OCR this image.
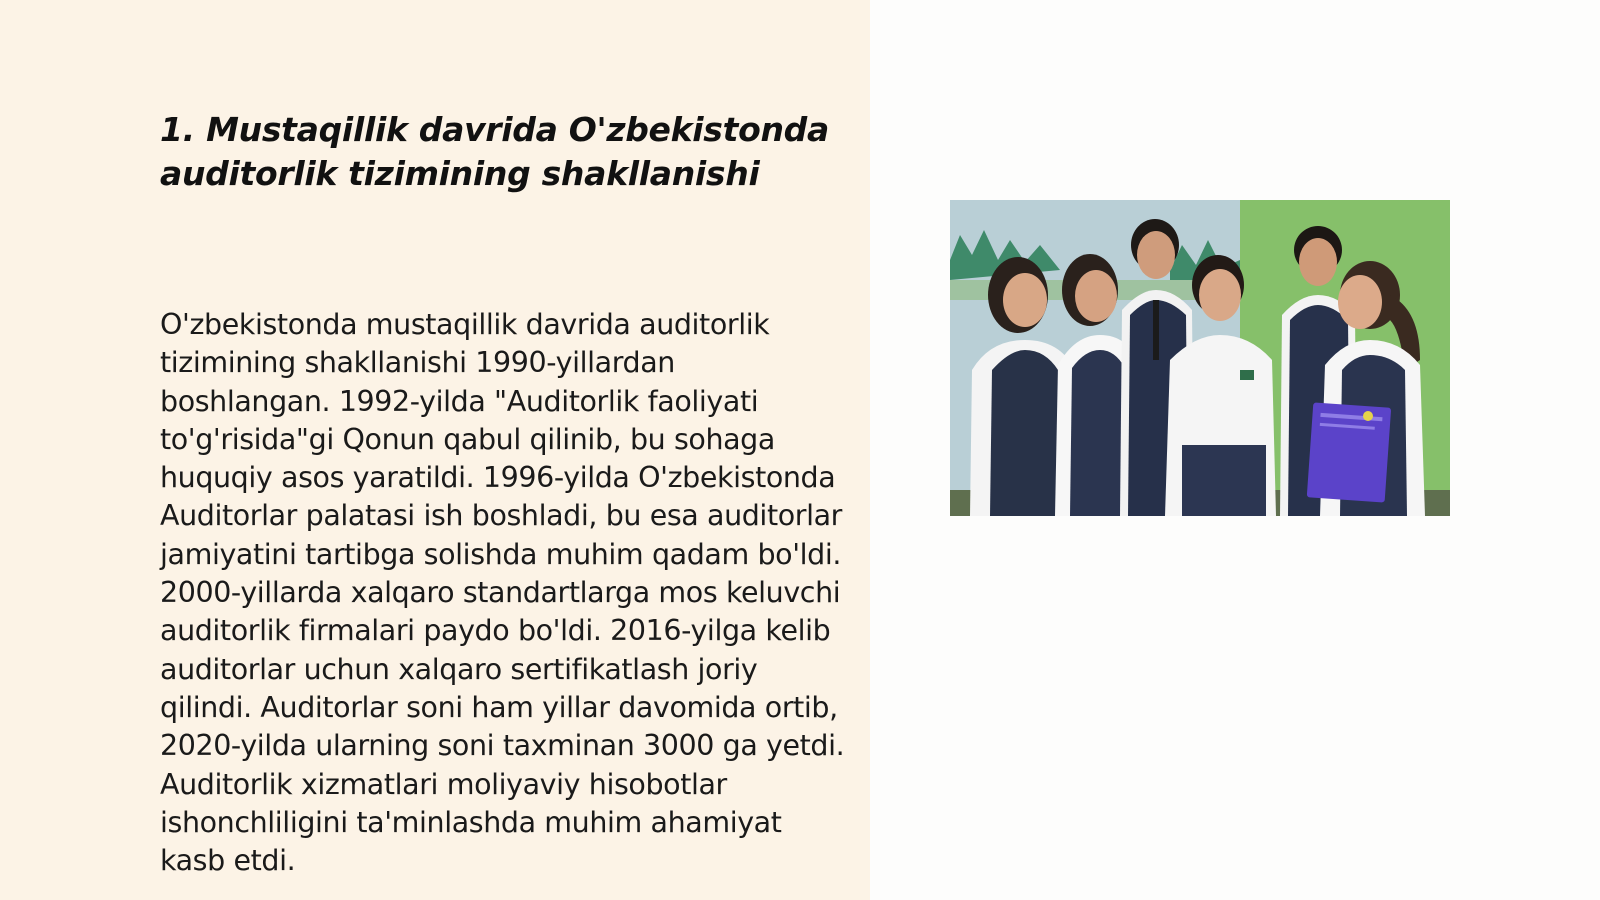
1. Mustaqillik davrida O'zbekistonda auditorlik tizimining shakllanishi

O'zbekistonda mustaqillik davrida auditorlik tizimining shakllanishi 1990-yillardan boshlangan. 1992-yilda "Auditorlik faoliyati to'g'risida"gi Qonun qabul qilinib, bu sohaga huquqiy asos yaratildi. 1996-yilda O'zbekistonda Auditorlar palatasi ish boshladi, bu esa auditorlar jamiyatini tartibga solishda muhim qadam bo'ldi. 2000-yillarda xalqaro standartlarga mos keluvchi auditorlik firmalari paydo bo'ldi. 2016-yilga kelib auditorlar uchun xalqaro sertifikatlash joriy qilindi. Auditorlar soni ham yillar davomida ortib, 2020-yilda ularning soni taxminan 3000 ga yetdi. Auditorlik xizmatlari moliyaviy hisobotlar ishonchliligini ta'minlashda muhim ahamiyat kasb etdi.
